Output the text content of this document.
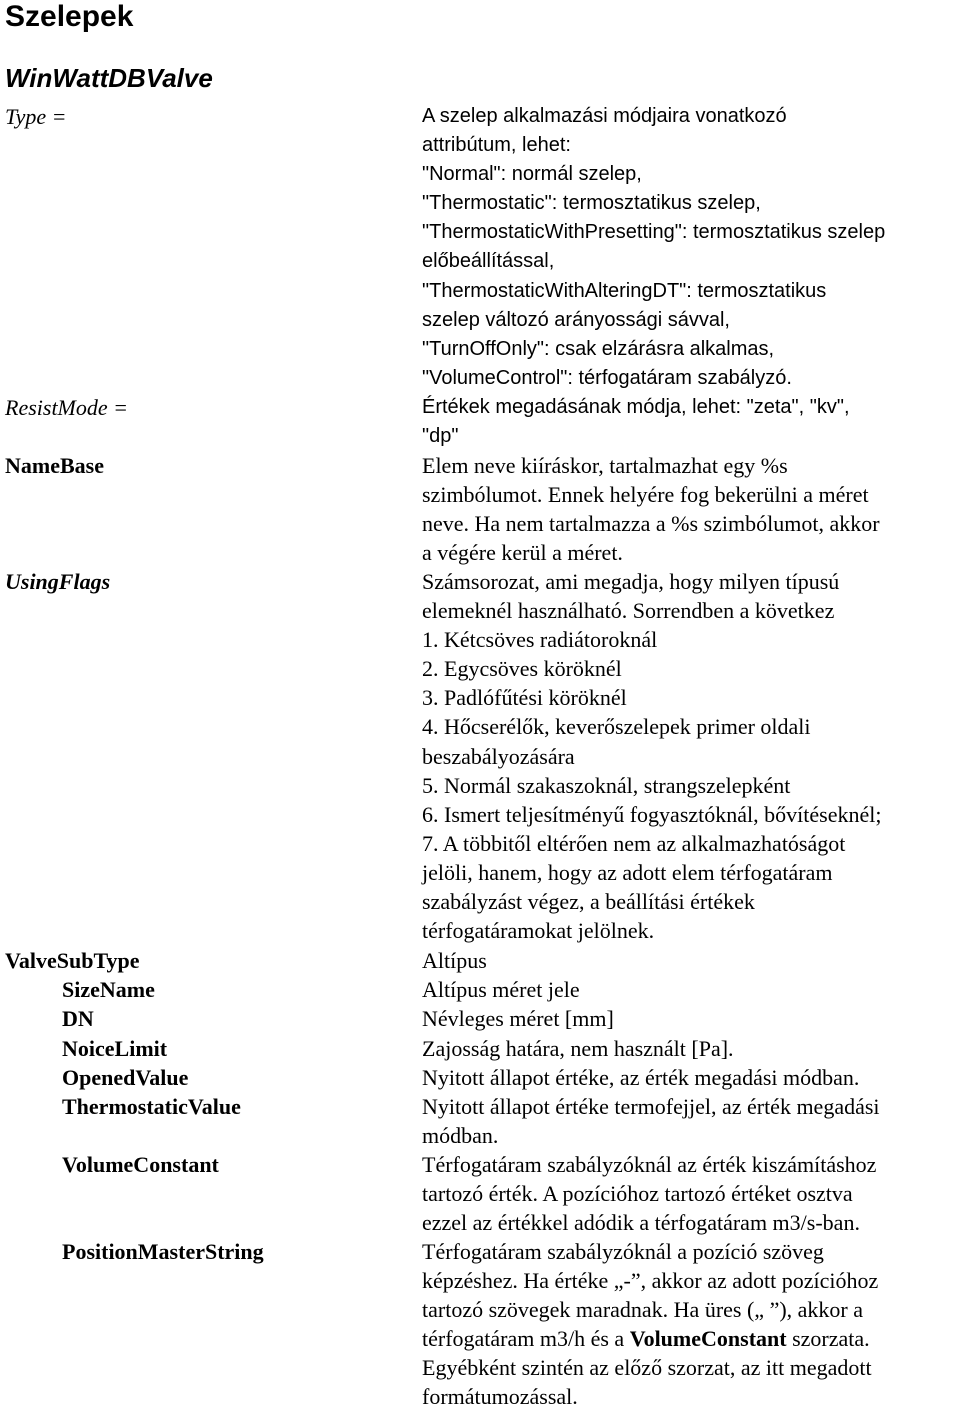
Szelepek
WinWattDBValve
Type =	A szelep alkalmazási módjaira vonatkozó
attribútum, lehet:
"Normal": normál szelep,
"Thermostatic": termosztatikus szelep,
"ThermostaticWithPresetting": termosztatikus szelep
előbeállítással,
"ThermostaticWithAlteringDT": termosztatikus
szelep változó arányossági sávval,
"TurnOffOnly": csak elzárásra alkalmas,
"VolumeControl": térfogatáram szabályzó.
ResistMode =	Értékek megadásának módja, lehet: "zeta", "kv",
"dp"
NameBase	Elem neve kiíráskor, tartalmazhat egy %s
szimbólumot. Ennek helyére fog bekerülni a méret
neve. Ha nem tartalmazza a %s szimbólumot, akkor
a végére kerül a méret.
UsingFlags	Számsorozat, ami megadja, hogy milyen típusú
elemeknél használható. Sorrendben a következ
1. Kétcsöves radiátoroknál
2. Egycsöves köröknél
3. Padlófűtési köröknél
4. Hőcserélők, keverőszelepek primer oldali
beszabályozására
5. Normál szakaszoknál, strangszelepként
6. Ismert teljesítményű fogyasztóknál, bővítéseknél;
7. A többitől eltérően nem az alkalmazhatóságot
jelöli, hanem, hogy az adott elem térfogatáram
szabályzást végez, a beállítási értékek
térfogatáramokat jelölnek.
ValveSubType	Altípus
SizeName	Altípus méret jele
DN	Névleges méret [mm]
NoiceLimit	Zajosság határa, nem használt [Pa].
OpenedValue	Nyitott állapot értéke, az érték megadási módban.
ThermostaticValue	Nyitott állapot értéke termofejjel, az érték megadási
módban.
VolumeConstant	Térfogatáram szabályzóknál az érték kiszámításhoz
tartozó érték. A pozícióhoz tartozó értéket osztva
ezzel az értékkel adódik a térfogatáram m3/s-ban.
PositionMasterString	Térfogatáram szabályzóknál a pozíció szöveg
képzéshez. Ha értéke „-”, akkor az adott pozícióhoz
tartozó szövegek maradnak. Ha üres („ ”), akkor a
térfogatáram m3/h és a VolumeConstant szorzata.
Egyébként szintén az előző szorzat, az itt megadott
formátumozással.
